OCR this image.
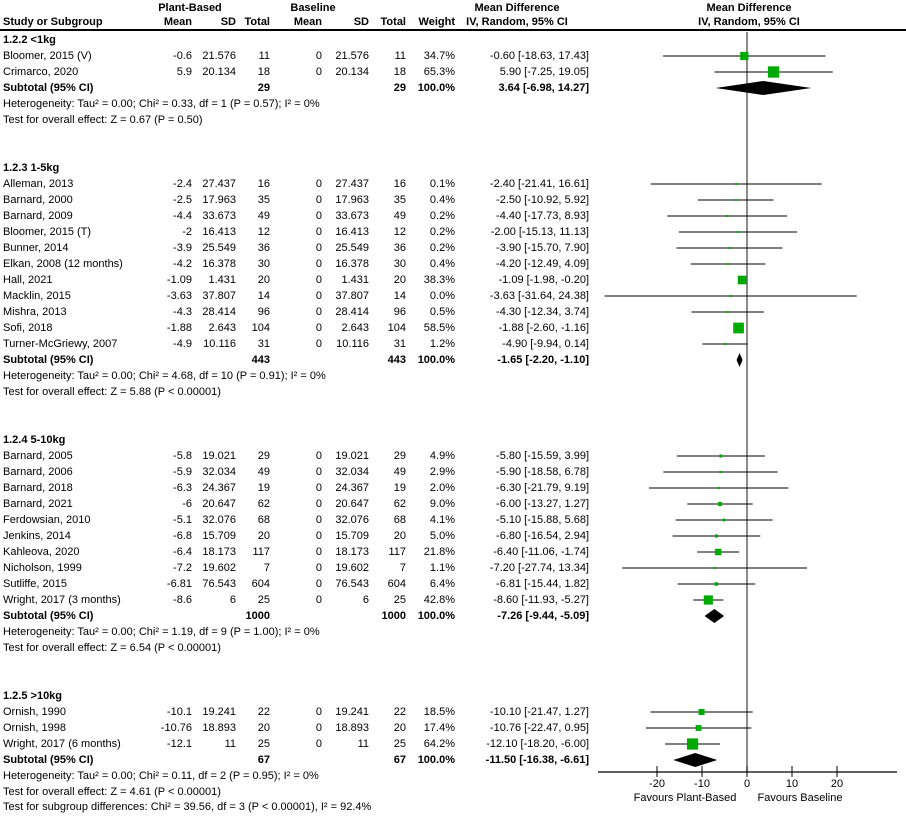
Plant-Based	Baseline	Mean Difference	Mean Difference
Study or Subgroup	Mean	SD Total Mean	SD Total Weight	IV, Random, 95% CI	IV, Random, 95% CI
1.2.2 <1kg
Bloomer, 2015 (V)	-0.6 21.576 11	0 21.576 11 34.7%	-0.60 [-18.63, 17.43]
Crimarco, 2020	5.9 20.134 18	0 20.134 18 65.3%	5.90 [-7.25, 19.05]
Subtotal (95% CI)	29	29 100.0%	3.64 [-6.98, 14.27]
Heterogeneity: Tau² = 0.00; Chi² = 0.33, df = 1 (P = 0.57); I² = 0%
Test for overall effect: Z = 0.67 (P = 0.50)
1.2.3 1-5kg
Alleman, 2013	-2.4 27.437 16	0 27.437 16 0.1%	-2.40 [-21.41, 16.61]
Barnard, 2000	-2.5 17.963 35	0 17.963 35 0.4%	-2.50 [-10.92, 5.92]
Barnard, 2009	-4.4 33.673 49	0 33.673 49 0.2%	-4.40 [-17.73, 8.93]
Bloomer, 2015 (T)	-2 16.413 12	0 16.413 12 0.2%	-2.00 [-15.13, 11.13]
Bunner, 2014	-3.9 25.549 36	0 25.549 36 0.2%	-3.90 [-15.70, 7.90]
Elkan, 2008 (12 months)	-4.2 16.378 30	0 16.378 30 0.4%	-4.20 [-12.49, 4.09]
Hall, 2021	-1.09 1.431 20	0 1.431 20 38.3%	-1.09 [-1.98, -0.20]
Macklin, 2015	-3.63 37.807 14	0 37.807 14 0.0%	-3.63 [-31.64, 24.38]
Mishra, 2013	-4.3 28.414 96	0 28.414 96 0.5%	-4.30 [-12.34, 3.74]
Sofi, 2018	-1.88 2.643 104	0 2.643 104 58.5%	-1.88 [-2.60, -1.16]
Turner-McGriewy, 2007	-4.9 10.116 31	0 10.116 31 1.2%	-4.90 [-9.94, 0.14]
Subtotal (95% CI)	443	443 100.0%	-1.65 [-2.20, -1.10]
Heterogeneity: Tau² = 0.00; Chi² = 4.68, df = 10 (P = 0.91); I² = 0%
Test for overall effect: Z = 5.88 (P < 0.00001)
1.2.4 5-10kg
Barnard, 2005	-5.8 19.021 29	0 19.021 29 4.9%	-5.80 [-15.59, 3.99]
Barnard, 2006	-5.9 32.034 49	0 32.034 49 2.9%	-5.90 [-18.58, 6.78]
Barnard, 2018	-6.3 24.367 19	0 24.367 19 2.0%	-6.30 [-21.79, 9.19]
Barnard, 2021	-6 20.647 62	0 20.647 62 9.0%	-6.00 [-13.27, 1.27]
Ferdowsian, 2010	-5.1 32.076 68	0 32.076 68 4.1%	-5.10 [-15.88, 5.68]
Jenkins, 2014	-6.8 15.709 20	0 15.709 20 5.0%	-6.80 [-16.54, 2.94]
Kahleova, 2020	-6.4 18.173 117	0 18.173 117 21.8%	-6.40 [-11.06, -1.74]
Nicholson, 1999	-7.2 19.602	7	0 19.602	7 1.1%	-7.20 [-27.74, 13.34]
Sutliffe, 2015	-6.81 76.543 604	0 76.543 604 6.4%	-6.81 [-15.44, 1.82]
Wright, 2017 (3 months)	-8.6	6 25	0	6 25 42.8%	-8.60 [-11.93, -5.27]
Subtotal (95% CI)	1000	1000 100.0%	-7.26 [-9.44, -5.09]
Heterogeneity: Tau² = 0.00; Chi² = 1.19, df = 9 (P = 1.00); I² = 0%
Test for overall effect: Z = 6.54 (P < 0.00001)
1.2.5 >10kg
Ornish, 1990	-10.1 19.241 22	0 19.241 22 18.5%	-10.10 [-21.47, 1.27]
Ornish, 1998	-10.76 18.893 20	0 18.893 20 17.4%	-10.76 [-22.47, 0.95]
Wright, 2017 (6 months)	-12.1	11 25	0	11 25 64.2%	-12.10 [-18.20, -6.00]
Subtotal (95% CI)	67	67 100.0%	-11.50 [-16.38, -6.61]
Heterogeneity: Tau² = 0.00; Chi² = 0.11, df = 2 (P = 0.95); I² = 0%
Test for overall effect: Z = 4.61 (P < 0.00001)	Favours Plant-Based	Favours Baseline
-20	-10	0	10	20
Test for subgroup differences: Chi² = 39.56, df = 3 (P < 0.00001), I² = 92.4%
